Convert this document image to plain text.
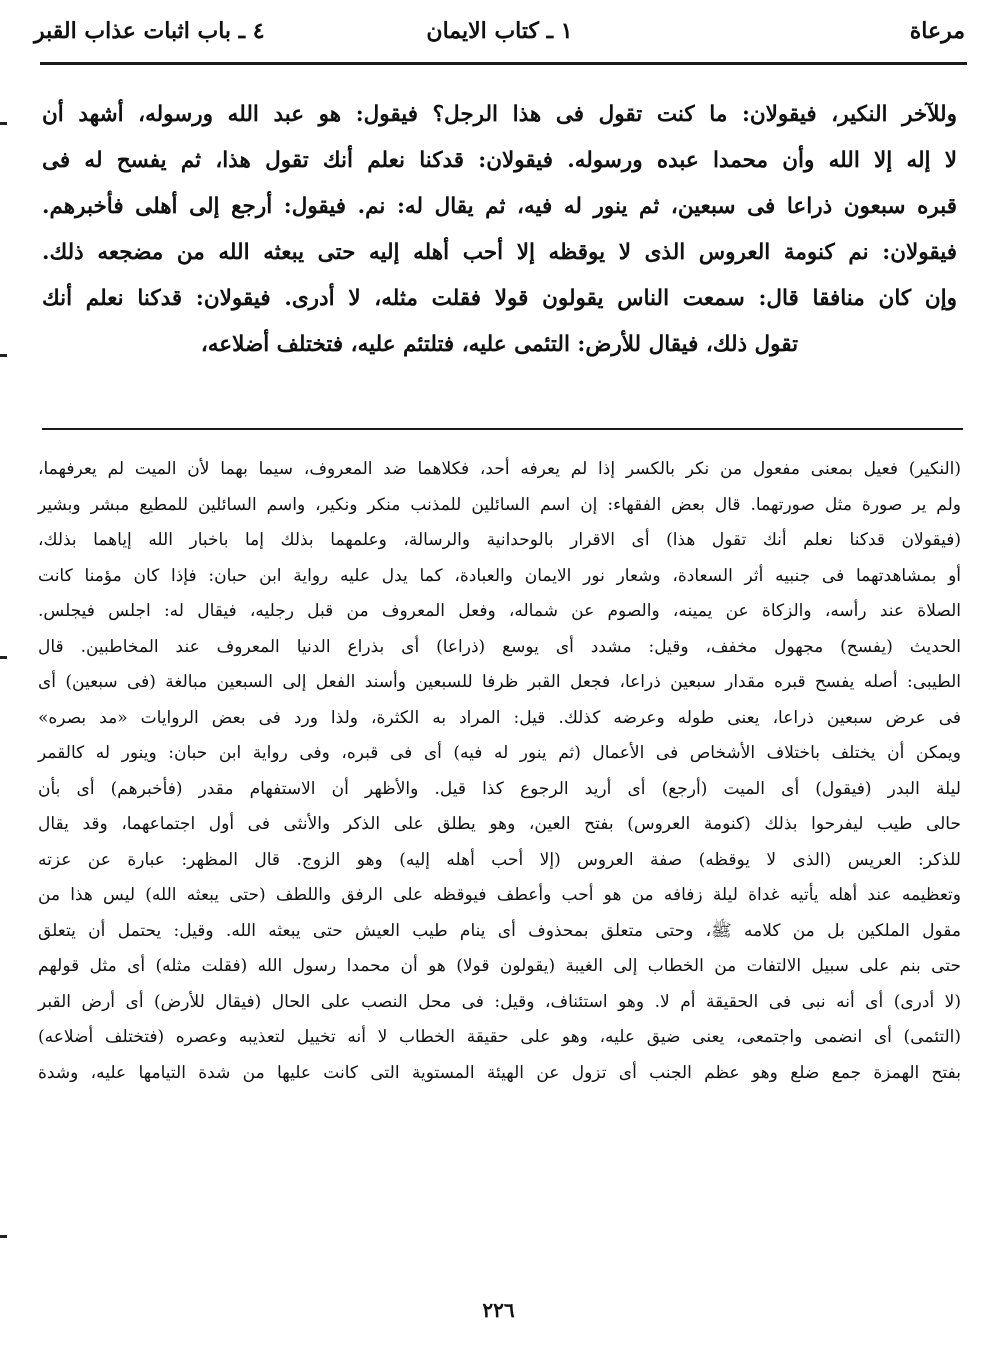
مرعاة
١ ـ كتاب الايمان
٤ ـ باب اثبات عذاب القبر

وللآخر النكير، فيقولان: ما كنت تقول فى هذا الرجل؟ فيقول: هو عبد الله ورسوله، أشهد أن

لا إله إلا الله وأن محمدا عبده ورسوله. فيقولان: قدكنا نعلم أنك تقول هذا، ثم يفسح له فى

قبره سبعون ذراعا فى سبعين، ثم ينور له فيه، ثم يقال له: نم. فيقول: أرجع إلى أهلى فأخبرهم.

فيقولان: نم كنومة العروس الذى لا يوقظه إلا أحب أهله إليه حتى يبعثه الله من مضجعه ذلك.

وإن كان منافقا قال: سمعت الناس يقولون قولا فقلت مثله، لا أدرى. فيقولان: قدكنا نعلم أنك

تقول ذلك، فيقال للأرض: التئمى عليه، فتلتئم عليه، فتختلف أضلاعه،

(النكير) فعيل بمعنى مفعول من نكر بالكسر إذا لم يعرفه أحد، فكلاهما ضد المعروف، سيما بهما لأن الميت لم يعرفهما،

ولم ير صورة مثل صورتهما. قال بعض الفقهاء: إن اسم السائلين للمذنب منكر ونكير، واسم السائلين للمطيع مبشر وبشير

(فيقولان قدكنا نعلم أنك تقول هذا) أى الاقرار بالوحدانية والرسالة، وعلمهما بذلك إما باخبار الله إياهما بذلك،

أو بمشاهدتهما فى جنبيه أثر السعادة، وشعار نور الايمان والعبادة، كما يدل عليه رواية ابن حبان: فإذا كان مؤمنا كانت

الصلاة عند رأسه، والزكاة عن يمينه، والصوم عن شماله، وفعل المعروف من قبل رجليه، فيقال له: اجلس فيجلس.

الحديث (يفسح) مجهول مخفف، وقيل: مشدد أى يوسع (ذراعا) أى بذراع الدنيا المعروف عند المخاطبين. قال

الطيبى: أصله يفسح قبره مقدار سبعين ذراعا، فجعل القبر ظرفا للسبعين وأسند الفعل إلى السبعين مبالغة (فى سبعين) أى

فى عرض سبعين ذراعا، يعنى طوله وعرضه كذلك. قيل: المراد به الكثرة، ولذا ورد فى بعض الروايات «مد بصره»

ويمكن أن يختلف باختلاف الأشخاص فى الأعمال (ثم ينور له فيه) أى فى قبره، وفى رواية ابن حبان: وينور له كالقمر

ليلة البدر (فيقول) أى الميت (أرجع) أى أريد الرجوع كذا قيل. والأظهر أن الاستفهام مقدر (فأخبرهم) أى بأن

حالى طيب ليفرحوا بذلك (كنومة العروس) بفتح العين، وهو يطلق على الذكر والأنثى فى أول اجتماعهما، وقد يقال

للذكر: العريس (الذى لا يوقظه) صفة العروس (إلا أحب أهله إليه) وهو الزوج. قال المظهر: عبارة عن عزته

وتعظيمه عند أهله يأتيه غداة ليلة زفافه من هو أحب وأعطف فيوقظه على الرفق واللطف (حتى يبعثه الله) ليس هذا من

مقول الملكين بل من كلامه ﷺ، وحتى متعلق بمحذوف أى ينام طيب العيش حتى يبعثه الله. وقيل: يحتمل أن يتعلق

حتى بنم على سبيل الالتفات من الخطاب إلى الغيبة (يقولون قولا) هو أن محمدا رسول الله (فقلت مثله) أى مثل قولهم

(لا أدرى) أى أنه نبى فى الحقيقة أم لا. وهو استئناف، وقيل: فى محل النصب على الحال (فيقال للأرض) أى أرض القبر

(التئمى) أى انضمى واجتمعى، يعنى ضيق عليه، وهو على حقيقة الخطاب لا أنه تخييل لتعذيبه وعصره (فتختلف أضلاعه)

بفتح الهمزة جمع ضلع وهو عظم الجنب أى تزول عن الهيئة المستوية التى كانت عليها من شدة التيامها عليه، وشدة

٢٢٦
